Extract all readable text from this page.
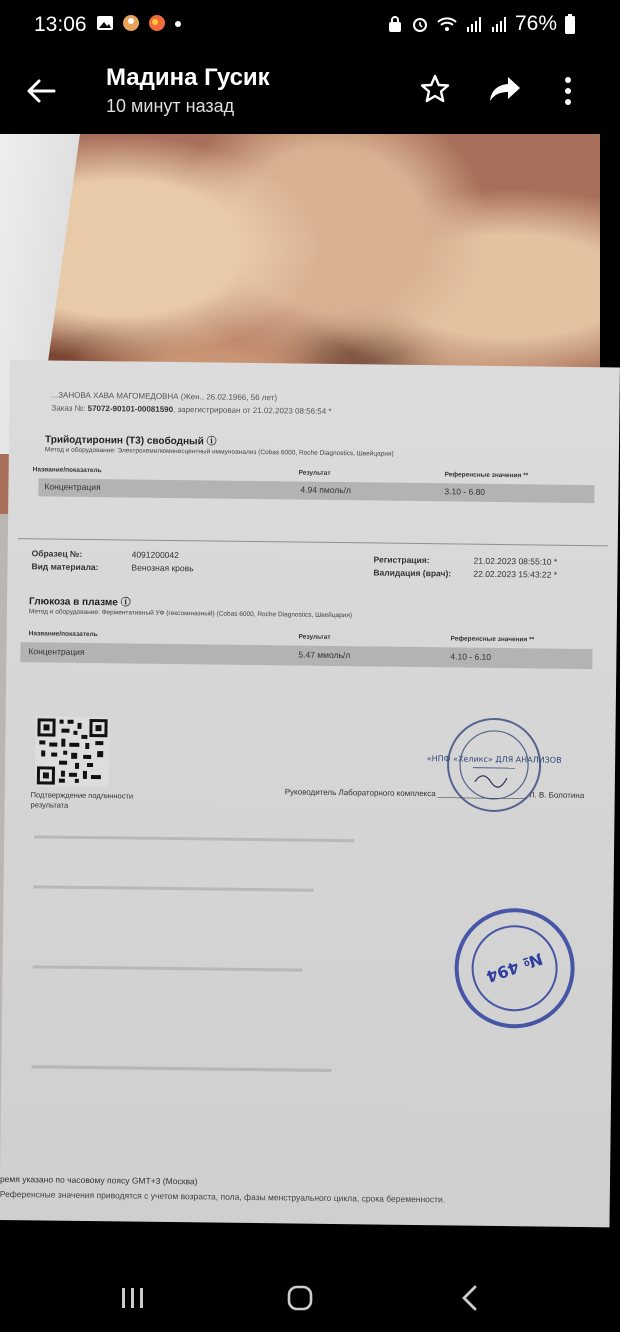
13:06	76%
Мадина Гусик
10 минут назад
...ЗАНОВА ХАВА МАГОМЕДОВНА (Жен., 26.02.1966, 56 лет)
Заказ №: 57072-90101-00081590, зарегистрирован от 21.02.2023 08:56:54 *
Трийодтиронин (Т3) свободный ⓘ
Метод и оборудование: Электрохемилюминесцентный иммуноанализ (Cobas 6000, Roche Diagnostics, Швейцария)
Название/показатель	Результат	Референсные значения **
Концентрация	4.94 пмоль/л	3.10 - 6.80
Образец №:	4091200042
Вид материала:	Венозная кровь
Регистрация:	21.02.2023 08:55:10 *
Валидация (врач):	22.02.2023 15:43:22 *
Глюкоза в плазме ⓘ
Метод и оборудование: Ферментативный УФ (гексокиназный) (Cobas 6000, Roche Diagnostics, Швейцария)
Название/показатель	Результат	Референсные значения **
Концентрация	5.47 ммоль/л	4.10 - 6.10
Подтверждение подлинности результата
Руководитель Лабораторного комплекса ____________________ Л. В. Болотина
«НПФ «Хеликс» ДЛЯ АНАЛИЗОВ
№ 494
▬▬▬▬▬▬▬▬▬▬▬▬▬▬▬▬▬▬▬▬▬▬▬▬▬▬▬▬▬▬▬▬
▬▬▬▬▬▬▬▬▬▬▬▬▬▬▬▬▬▬▬▬▬▬▬▬▬▬▬▬
▬▬▬▬▬▬▬▬▬▬▬▬▬▬▬▬▬▬▬▬▬▬▬▬▬▬▬
▬▬▬▬▬▬▬▬▬▬▬▬▬▬▬▬▬▬▬▬▬▬▬▬▬▬▬▬▬▬
ремя указано по часовому поясу GMT+3 (Москва)
Референсные значения приводятся с учетом возраста, пола, фазы менструального цикла, срока беременности.
